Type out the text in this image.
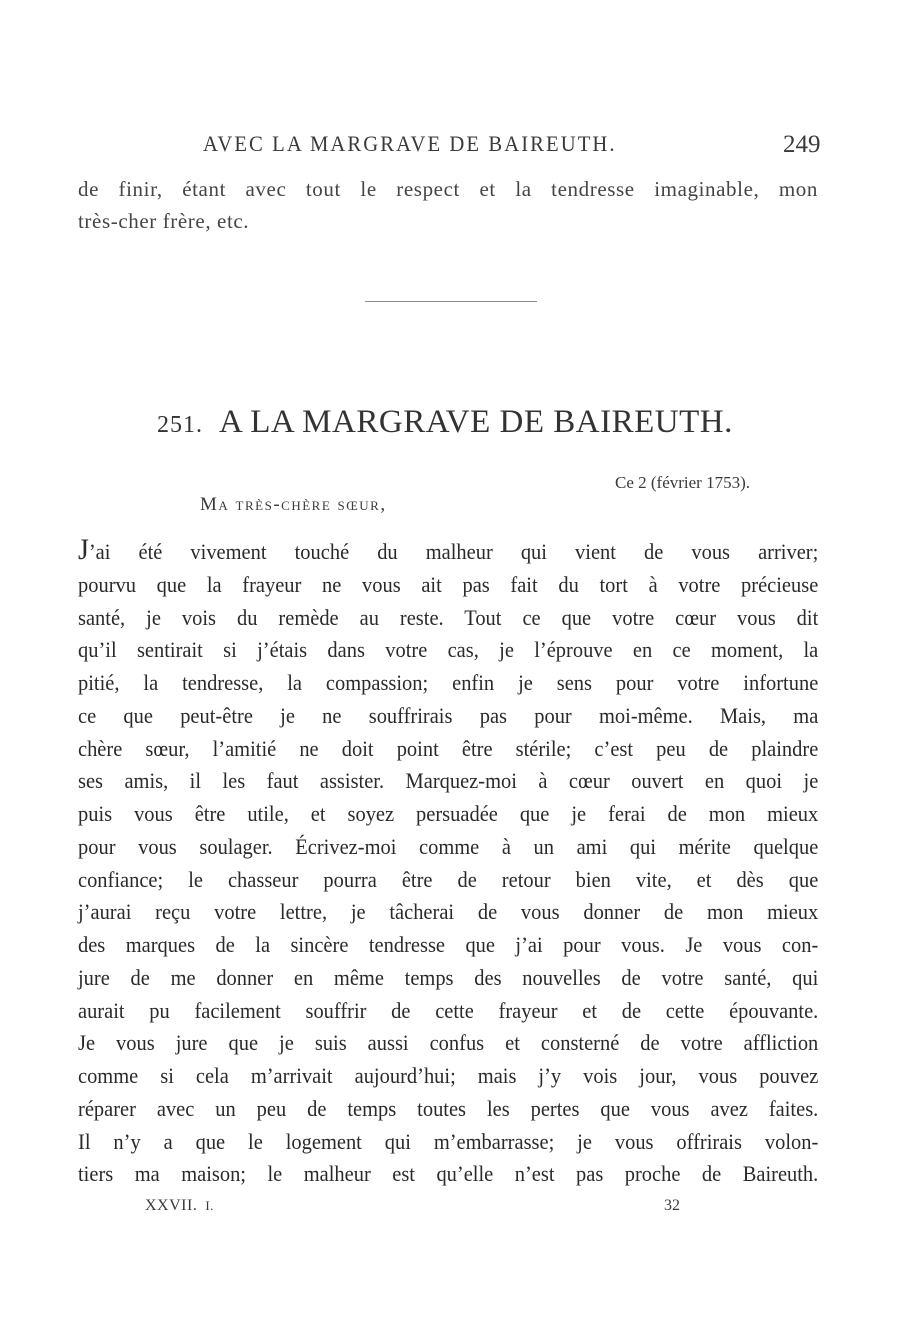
AVEC LA MARGRAVE DE BAIREUTH.	249
de finir, étant avec tout le respect et la tendresse imaginable, mon
très-cher frère, etc.
251. A LA MARGRAVE DE BAIREUTH.
Ce 2 (février 1753).
Ma très-chère sœur,
J’ai été vivement touché du malheur qui vient de vous arriver;
pourvu que la frayeur ne vous ait pas fait du tort à votre précieuse
santé, je vois du remède au reste. Tout ce que votre cœur vous dit
qu’il sentirait si j’étais dans votre cas, je l’éprouve en ce moment, la
pitié, la tendresse, la compassion; enfin je sens pour votre infortune
ce que peut-être je ne souffrirais pas pour moi-même. Mais, ma
chère sœur, l’amitié ne doit point être stérile; c’est peu de plaindre
ses amis, il les faut assister. Marquez-moi à cœur ouvert en quoi je
puis vous être utile, et soyez persuadée que je ferai de mon mieux
pour vous soulager. Écrivez-moi comme à un ami qui mérite quelque
confiance; le chasseur pourra être de retour bien vite, et dès que
j’aurai reçu votre lettre, je tâcherai de vous donner de mon mieux
des marques de la sincère tendresse que j’ai pour vous. Je vous con-
jure de me donner en même temps des nouvelles de votre santé, qui
aurait pu facilement souffrir de cette frayeur et de cette épouvante.
Je vous jure que je suis aussi confus et consterné de votre affliction
comme si cela m’arrivait aujourd’hui; mais j’y vois jour, vous pouvez
réparer avec un peu de temps toutes les pertes que vous avez faites.
Il n’y a que le logement qui m’embarrasse; je vous offrirais volon-
tiers ma maison; le malheur est qu’elle n’est pas proche de Baireuth.
XXVII. I.	32
